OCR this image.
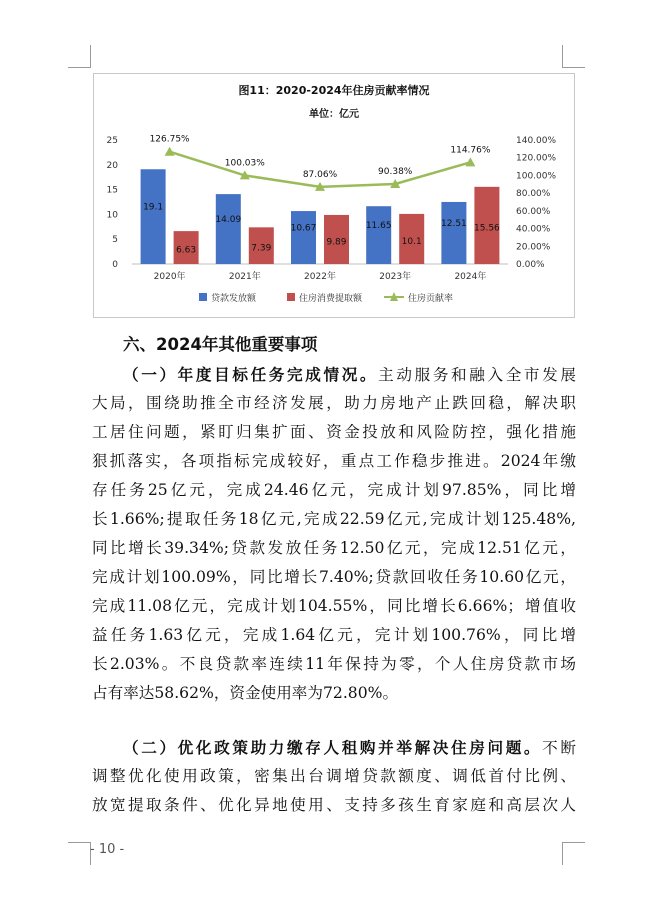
图11：2020-2024年住房贡献率情况
单位：亿元
0
5
10
15
20
25
0.00%
20.00%
40.00%
60.00%
80.00%
100.00%
120.00%
140.00%
19.1
6.63
2020年
14.09
7.39
2021年
10.67
9.89
2022年
11.65
10.1
2023年
12.51 15.56
2024年
126.75%
100.03%
87.06%	90.38%
114.76%
贷款发放额	住房消费提取额	住房贡献率
六、2024年其他重要事项
（一）年度目标任务完成情况。主动服务和融入全市发展
大局，围绕助推全市经济发展，助力房地产止跌回稳，解决职
工居住问题，紧盯归集扩面、资金投放和风险防控，强化措施
狠抓落实，各项指标完成较好，重点工作稳步推进。2024年缴
存任务25亿元，完成24.46亿元，完成计划97.85%，同比增
长1.66%;提取任务18亿元,完成22.59亿元,完成计划125.48%,
同比增长39.34%;贷款发放任务12.50亿元，完成12.51亿元，
完成计划100.09%，同比增长7.40%;贷款回收任务10.60亿元，
完成11.08亿元，完成计划104.55%，同比增长6.66%；增值收
益任务1.63亿元，完成1.64亿元，完计划100.76%，同比增
长2.03%。不良贷款率连续11年保持为零，个人住房贷款市场
占有率达58.62%，资金使用率为72.80%。
（二）优化政策助力缴存人租购并举解决住房问题。不断
调整优化使用政策，密集出台调增贷款额度、调低首付比例、
放宽提取条件、优化异地使用、支持多孩生育家庭和高层次人
- 10 -
